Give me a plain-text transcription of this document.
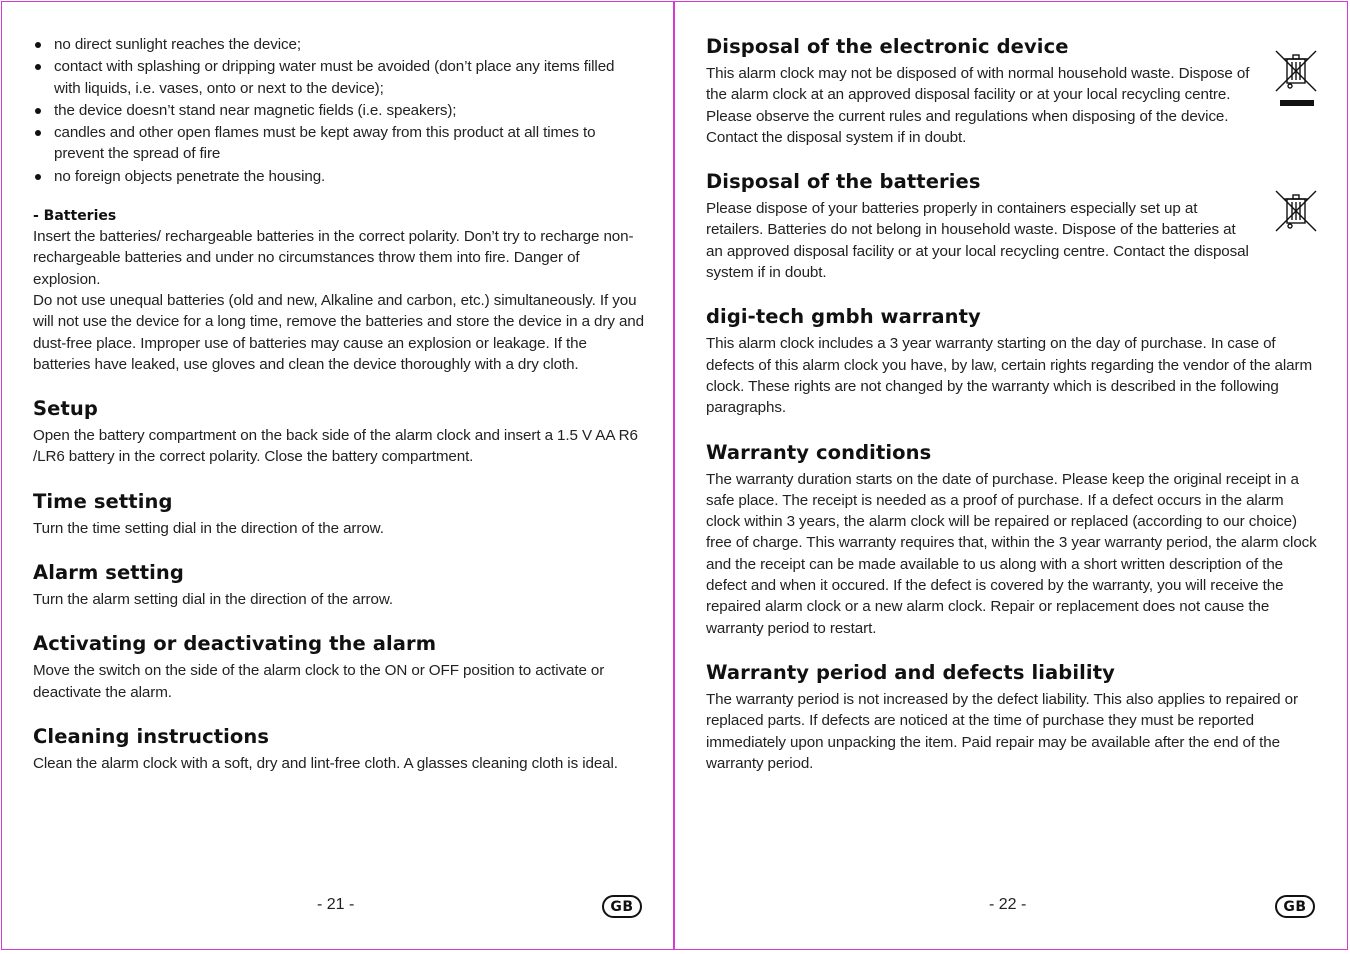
no direct sunlight reaches the device;
contact with splashing or dripping water must be avoided (don’t place any items filled with liquids, i.e. vases, onto or next to the device);
the device doesn’t stand near magnetic fields (i.e. speakers);
candles and other open flames must be kept away from this product at all times to prevent the spread of fire
no foreign objects penetrate the housing.
- Batteries

Insert the batteries/ rechargeable batteries in the correct polarity. Don’t try to recharge non-rechargeable batteries and under no circumstances throw them into fire. Danger of explosion.

Do not use unequal batteries (old and new, Alkaline and carbon, etc.) simultaneously. If you will not use the device for a long time, remove the batteries and store the device in a dry and dust-free place. Improper use of batteries may cause an explosion or leakage. If the batteries have leaked, use gloves and clean the device thoroughly with a dry cloth.

Setup

Open the battery compartment on the back side of the alarm clock and insert a 1.5 V AA R6 /LR6 battery in the correct polarity. Close the battery compartment.

Time setting

Turn the time setting dial in the direction of the arrow.

Alarm setting

Turn the alarm setting dial in the direction of the arrow.

Activating or deactivating the alarm

Move the switch on the side of the alarm clock to the ON or OFF position to activate or deactivate the alarm.

Cleaning instructions

Clean the alarm clock with a soft, dry and lint-free cloth. A glasses cleaning cloth is ideal.

- 21 -	GB
Disposal of the electronic device

This alarm clock may not be disposed of with normal household waste. Dispose of the alarm clock at an approved disposal facility or at your local recycling centre. Please observe the current rules and regulations when disposing of the device. Contact the disposal system if in doubt.

Disposal of the batteries

Please dispose of your batteries properly in containers especially set up at retailers. Batteries do not belong in household waste. Dispose of the batteries at an approved disposal facility or at your local recycling centre. Contact the disposal system if in doubt.

digi-tech gmbh warranty

This alarm clock includes a 3 year warranty starting on the day of purchase. In case of defects of this alarm clock you have, by law, certain rights regarding the vendor of the alarm clock. These rights are not changed by the warranty which is described in the following paragraphs.

Warranty conditions

The warranty duration starts on the date of purchase. Please keep the original receipt in a safe place. The receipt is needed as a proof of purchase. If a defect occurs in the alarm clock within 3 years, the alarm clock will be repaired or replaced (according to our choice) free of charge. This warranty requires that, within the 3 year warranty period, the alarm clock and the receipt can be made available to us along with a short written description of the defect and when it occured. If the defect is covered by the warranty, you will receive the repaired alarm clock or a new alarm clock. Repair or replacement does not cause the warranty period to restart.

Warranty period and defects liability

The warranty period is not increased by the defect liability. This also applies to repaired or replaced parts. If defects are noticed at the time of purchase they must be reported immediately upon unpacking the item. Paid repair may be available after the end of the warranty period.

- 22 -	GB
